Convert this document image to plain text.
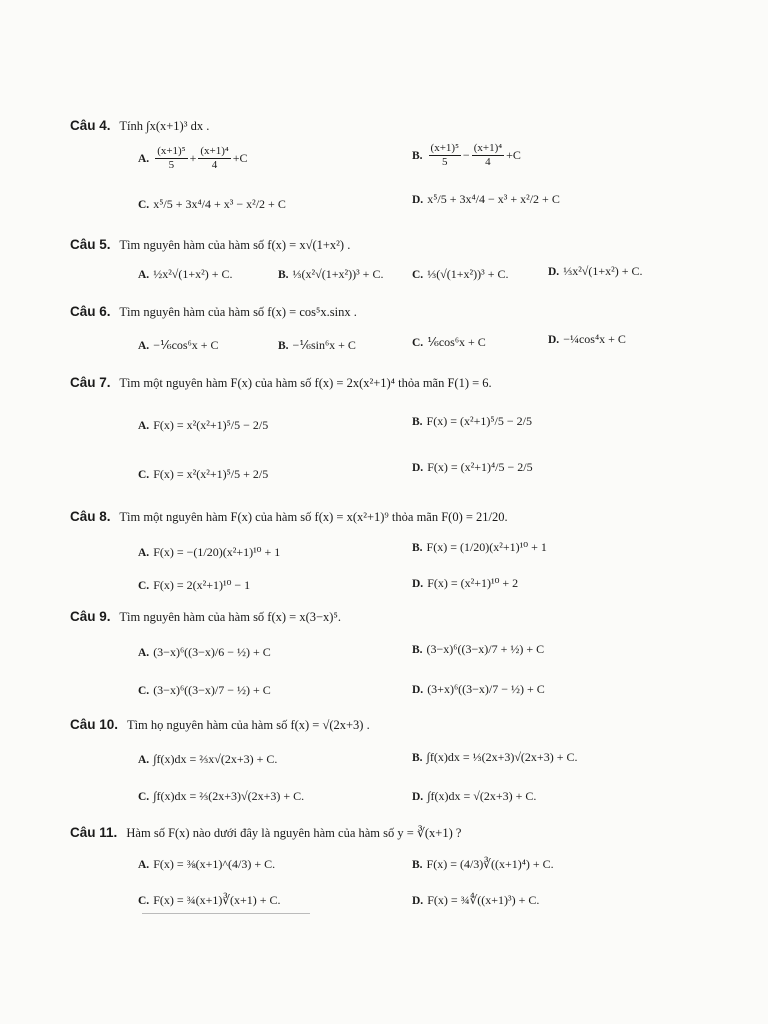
Câu 4. Tính ∫x(x+1)³ dx .
A. $\frac{\text{(x+1)⁵}}{5} + \frac{\text{(x+1)⁴}}{4} +C$	B. $\frac{\text{(x+1)⁵}}{5} - \frac{\text{(x+1)⁴}}{4} +C$
C. x⁵/5 + 3x⁴/4 + x³ − x²/2 + C	D. x⁵/5 + 3x⁴/4 − x³ + x²/2 + C
Câu 5. Tìm nguyên hàm của hàm số f(x) = x√(1+x²) .
A. ½x²√(1+x²) + C.	B. ⅓(x²√(1+x²))³ + C. C. ⅓(√(1+x²))³ + C.	D. ⅓x²√(1+x²) + C.
Câu 6. Tìm nguyên hàm của hàm số f(x) = cos⁵x.sinx .
A. −⅙cos⁶x + C	B. −⅙sin⁶x + C	C. ⅙cos⁶x + C	D. −¼cos⁴x + C
Câu 7. Tìm một nguyên hàm F(x) của hàm số f(x) = 2x(x²+1)⁴ thỏa mãn F(1) = 6.
A. F(x) = x²(x²+1)⁵/5 − 2/5	B. F(x) = (x²+1)⁵/5 − 2/5
C. F(x) = x²(x²+1)⁵/5 + 2/5	D. F(x) = (x²+1)⁴/5 − 2/5
Câu 8. Tìm một nguyên hàm F(x) của hàm số f(x) = x(x²+1)⁹ thỏa mãn F(0) = 21/20.
A. F(x) = −(1/20)(x²+1)¹⁰ + 1	B. F(x) = (1/20)(x²+1)¹⁰ + 1
C. F(x) = 2(x²+1)¹⁰ − 1	D. F(x) = (x²+1)¹⁰ + 2
Câu 9. Tìm nguyên hàm của hàm số f(x) = x(3−x)⁵.
A. (3−x)⁶((3−x)/6 − ½) + C	B. (3−x)⁶((3−x)/7 + ½) + C
C. (3−x)⁶((3−x)/7 − ½) + C	D. (3+x)⁶((3−x)/7 − ½) + C
Câu 10. Tìm họ nguyên hàm của hàm số f(x) = √(2x+3) .
A. ∫f(x)dx = ⅔x√(2x+3) + C.	B. ∫f(x)dx = ⅓(2x+3)√(2x+3) + C.
C. ∫f(x)dx = ⅔(2x+3)√(2x+3) + C.	D. ∫f(x)dx = √(2x+3) + C.
Câu 11. Hàm số F(x) nào dưới đây là nguyên hàm của hàm số y = ∛(x+1) ?
A. F(x) = ⅜(x+1)^(4/3) + C.	B. F(x) = (4/3)∛((x+1)⁴) + C.
C. F(x) = ¾(x+1)∛(x+1) + C.	D. F(x) = ¾∜((x+1)³) + C.
